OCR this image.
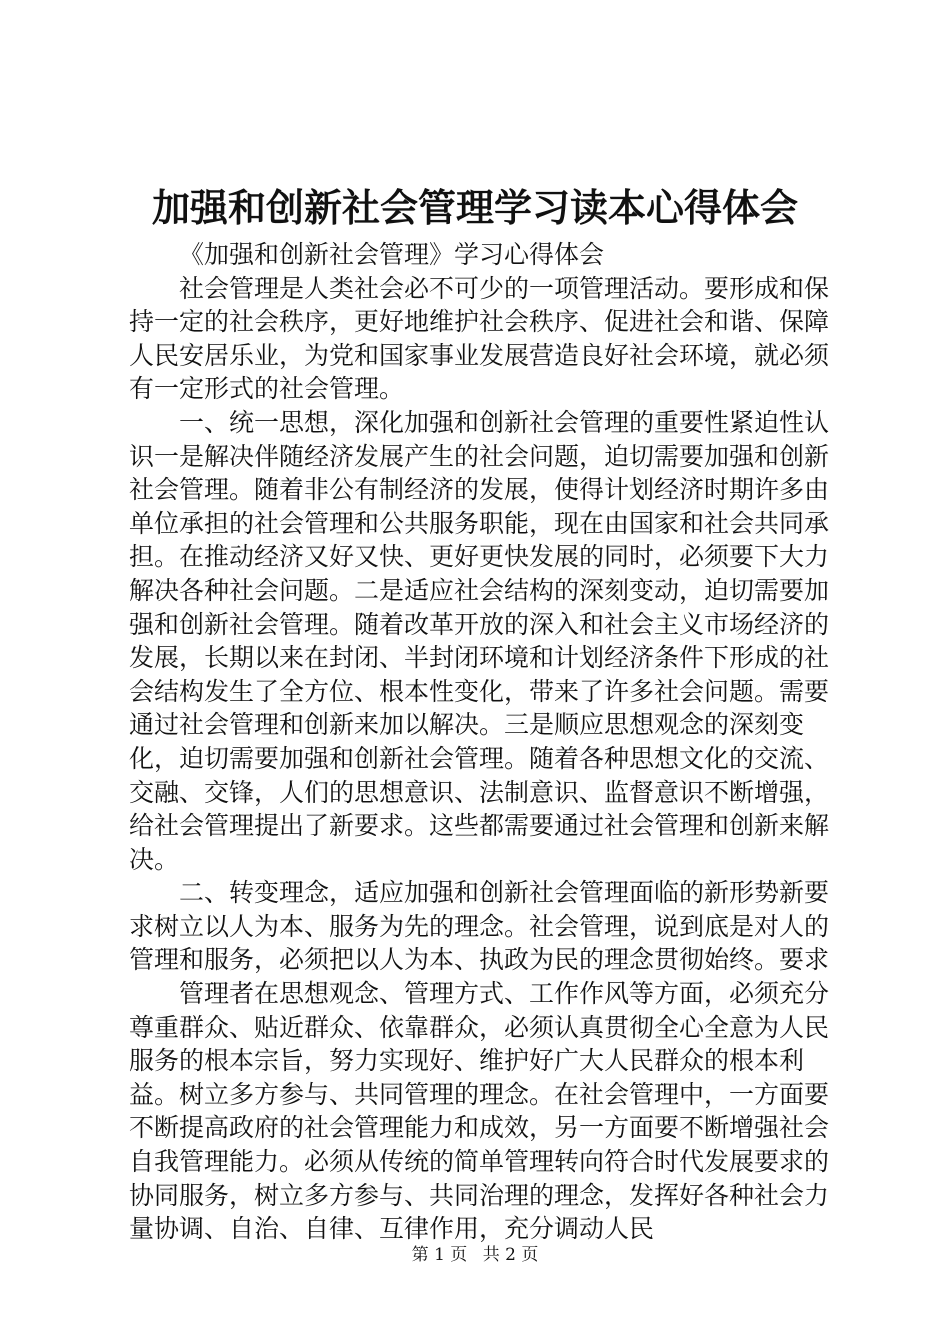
加强和创新社会管理学习读本心得体会

《加强和创新社会管理》学习心得体会

社会管理是人类社会必不可少的一项管理活动。要形成和保持一定的社会秩序，更好地维护社会秩序、促进社会和谐、保障人民安居乐业，为党和国家事业发展营造良好社会环境，就必须有一定形式的社会管理。

一、统一思想，深化加强和创新社会管理的重要性紧迫性认识一是解决伴随经济发展产生的社会问题，迫切需要加强和创新社会管理。随着非公有制经济的发展，使得计划经济时期许多由单位承担的社会管理和公共服务职能，现在由国家和社会共同承担。在推动经济又好又快、更好更快发展的同时，必须要下大力解决各种社会问题。二是适应社会结构的深刻变动，迫切需要加强和创新社会管理。随着改革开放的深入和社会主义市场经济的发展，长期以来在封闭、半封闭环境和计划经济条件下形成的社会结构发生了全方位、根本性变化，带来了许多社会问题。需要通过社会管理和创新来加以解决。三是顺应思想观念的深刻变化，迫切需要加强和创新社会管理。随着各种思想文化的交流、交融、交锋，人们的思想意识、法制意识、监督意识不断增强，给社会管理提出了新要求。这些都需要通过社会管理和创新来解决。

二、转变理念，适应加强和创新社会管理面临的新形势新要求树立以人为本、服务为先的理念。社会管理，说到底是对人的管理和服务，必须把以人为本、执政为民的理念贯彻始终。要求

管理者在思想观念、管理方式、工作作风等方面，必须充分尊重群众、贴近群众、依靠群众，必须认真贯彻全心全意为人民服务的根本宗旨，努力实现好、维护好广大人民群众的根本利益。树立多方参与、共同管理的理念。在社会管理中，一方面要不断提高政府的社会管理能力和成效，另一方面要不断增强社会自我管理能力。必须从传统的简单管理转向符合时代发展要求的协同服务，树立多方参与、共同治理的理念，发挥好各种社会力量协调、自治、自律、互律作用，充分调动人民

第 1 页 共 2 页
